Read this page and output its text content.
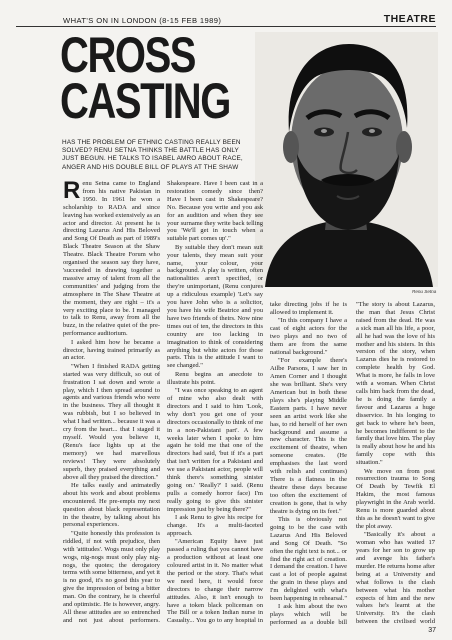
WHAT'S ON IN LONDON (8-15 FEB 1989)	THEATRE
CROSS
CASTING
HAS THE PROBLEM OF ETHNIC CASTING REALLY BEEN SOLVED? RENU SETNA THINKS THE BATTLE HAS ONLY JUST BEGUN. HE TALKS TO ISABEL AMRO ABOUT RACE, ANGER AND HIS DOUBLE BILL OF PLAYS AT THE SHAW
Renu Setna

Renu Setna came to England from his native Pakistan in 1950. In 1961 he won a scholarship to RADA and since leaving has worked extensively as an actor and director. At present he is directing Lazarus And His Beloved and Song Of Death as part of 1989's Black Theatre Season at the Shaw Theatre. Black Theatre Forum who organised the season say they have, 'succeeded in drawing together a massive array of talent from all the communities' and judging from the atmosphere in The Shaw Theatre at the moment, they are right – it's a very exciting place to be. I managed to talk to Renu, away from all the buzz, in the relative quiet of the pre-performance auditorium.

I asked him how he became a director, having trained primarily as an actor.

"When I finished RADA getting started was very difficult, so out of frustration I sat down and wrote a play, which I then spread around to agents and various friends who were in the business. They all thought it was rubbish, but I so believed in what I had written... because it was a cry from the heart... that I staged it myself. Would you believe it, (Renu's face lights up at the memory) we had marvellous reviews! They were absolutely superb, they praised everything and above all they praised the direction."

He talks easily and animatedly about his work and about problems encountered. He pre-empts my next question about black representation in the theatre, by talking about his personal experiences.

"Quite honestly this profession is riddled, if not with prejudice, then with 'attitudes'. Wogs must only play wogs, nig-nogs must only play nig-nogs, the quotes; the derogatory terms with some bitterness, and yet it is no good, it's no good this year to give the impression of being a bitter man. On the contrary, he is cheerful and optimistic. He is however, angry. All these attitudes are so entrenched and not just about performers.

Shakespeare. Have I been cast in a restoration comedy since then? Have I been cast in Shakespeare? No. Because you write and you ask for an audition and when they see your surname they write back telling you 'We'll get in touch when a suitable part comes up'."

By suitable they don't mean suit your talents, they mean suit your name, your colour, your background. A play is written, often nationalities aren't specified, or they're unimportant, (Renu conjures up a ridiculous example) 'Let's say you have John who is a solicitor, you have his wife Beatrice and you have two friends of theirs. Now nine times out of ten, the directors in this country are too lacking in imagination to think of considering anything but white actors for those parts. This is the attitude I want to see changed."

Renu begins an anecdote to illustrate his point.

"I was once speaking to an agent of mine who also dealt with directors and I said to him 'Look, why don't you get one of your directors occasionally to think of me in a non-Pakistani part'. A few weeks later when I spoke to him again he told me that one of the directors had said, 'but if it's a part that isn't written for a Pakistani and we use a Pakistani actor, people will think there's something sinister going on.' 'Really?' I said. (Renu pulls a comedy horror face) I'm really going to give this sinister impression just by being there?"

I ask Renu to give his recipe for change. It's a multi-faceted approach.

"American Equity have just passed a ruling that you cannot have a production without at least one coloured artist in it. No matter what the period or the story. That's what we need here, it would force directors to change their narrow attitudes. Also, it isn't enough to have a token black policeman on The Bill or a token Indian nurse in Casualty... You go to any hospital in

take directing jobs if he is allowed to implement it.

"In this company I have a cast of eight actors for the two plays and no two of them are from the same national background."

"For example there's Ailbe Parsons, I saw her in Amen Corner and I thought she was brilliant. She's very American but in both these plays she's playing Middle Eastern parts. I have never seen an artist work like she has, to rid herself of her own background and assume a new character. This is the excitement of theatre, when someone creates. (He emphasises the last word with relish and continues) There is a flatness in the theatre these days because too often the excitement of creation is gone, that is why theatre is dying on its feet."

This is obviously not going to be the case with Lazarus And His Beloved and Song Of Death. "So often the right text is not... or find the right act of creation. I demand the creation. I have cast a lot of people against the grain in these plays and I'm delighted with what's been happening in rehearsal."

I ask him about the two plays which will be performed as a double bill

"The story is about Lazarus, the man that Jesus Christ raised from the dead. He was a sick man all his life, a poor, all he had was the love of his mother and his sisters. In this version of the story, when Lazarus dies he is restored to complete health by God. What is more, he falls in love with a woman. When Christ calls him back from the dead, he is doing the family a favour and Lazarus a huge disservice. In his longing to get back to where he's been, he becomes indifferent to the family that love him. The play is really about how he and his family cope with this situation."

We move on from post resurrection trauma to Song Of Death by Tewfik El Hakim, the most famous playwright in the Arab world. Renu is more guarded about this as he doesn't want to give the plot away.

"Basically it's about a woman who has waited 17 years for her son to grow up and avenge his father's murder. He returns home after being at a University and what follows is the clash between what his mother expects of him and the new values he's learnt at the University. It's the clash between the civilised world

37
